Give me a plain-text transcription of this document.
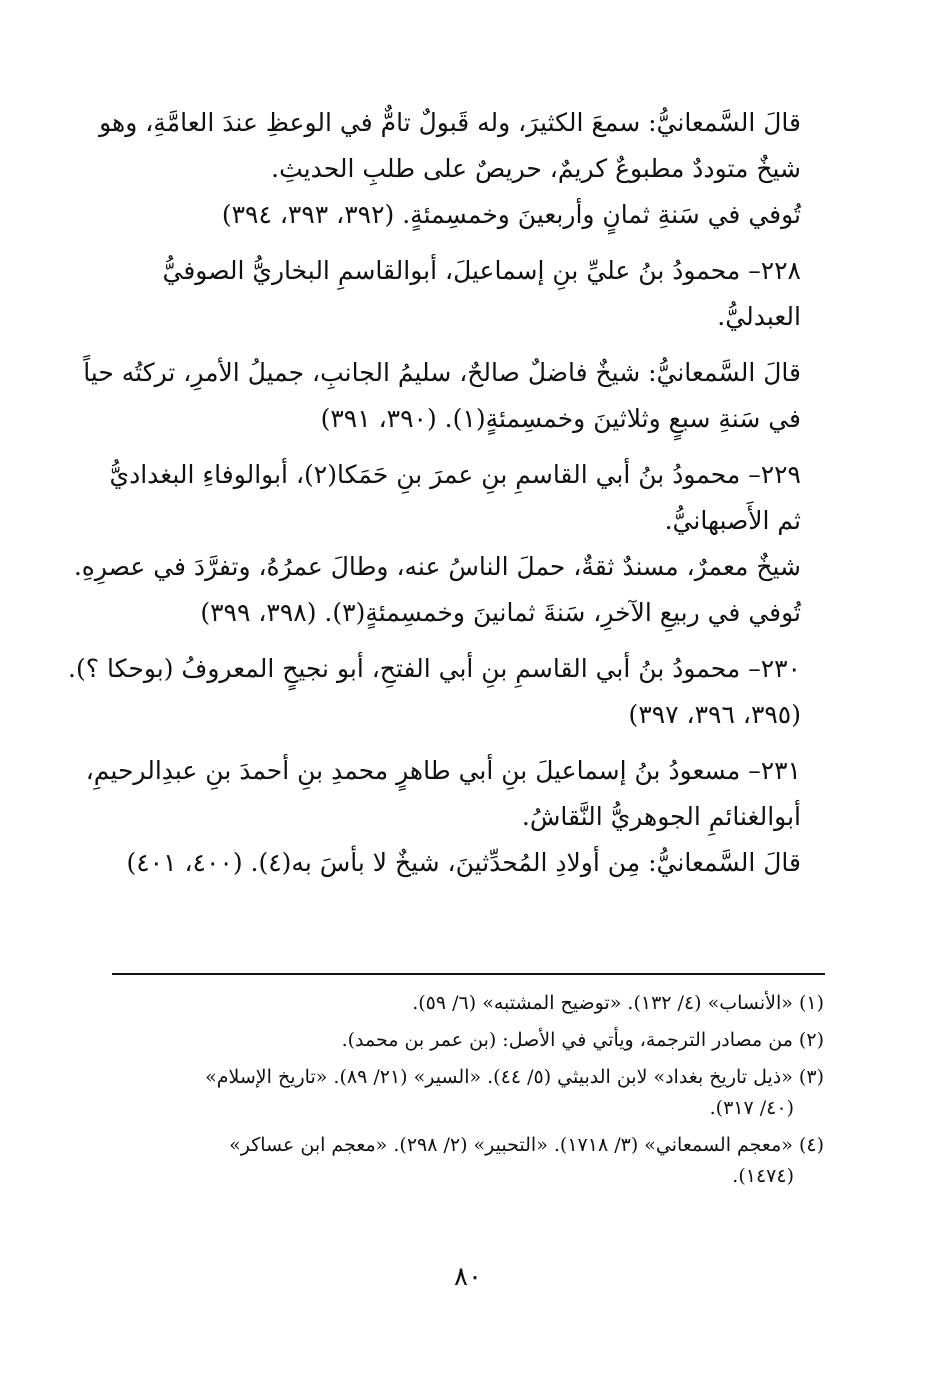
قالَ السَّمعانيُّ: سمعَ الكثيرَ، وله قَبولٌ تامٌّ في الوعظِ عندَ العامَّةِ، وهو
شيخٌ متوددٌ مطبوعٌ كريمٌ، حريصٌ على طلبِ الحديثِ.

تُوفي في سَنةِ ثمانٍ وأربعينَ وخمسِمئةٍ. (٣٩٢، ٣٩٣، ٣٩٤)

٢٢٨– محمودُ بنُ عليِّ بنِ إسماعيلَ، أبوالقاسمِ البخاريُّ الصوفيُّ
العبدليُّ.

قالَ السَّمعانيُّ: شيخٌ فاضلٌ صالحٌ، سليمُ الجانبِ، جميلُ الأمرِ، تركتُه حياً
في سَنةِ سبعٍ وثلاثينَ وخمسِمئةٍ(١). (٣٩٠، ٣٩١)

٢٢٩– محمودُ بنُ أبي القاسمِ بنِ عمرَ بنِ حَمَكا(٢)، أبوالوفاءِ البغداديُّ
ثم الأَصبهانيُّ.

شيخٌ معمرٌ، مسندٌ ثقةٌ، حملَ الناسُ عنه، وطالَ عمرُهُ، وتفرَّدَ في عصرِهِ.

تُوفي في ربيعِ الآخرِ، سَنةَ ثمانينَ وخمسِمئةٍ(٣). (٣٩٨، ٣٩٩)

٢٣٠– محمودُ بنُ أبي القاسمِ بنِ أبي الفتحِ، أبو نجيحٍ المعروفُ (بوحكا ؟).
(٣٩٥، ٣٩٦، ٣٩٧)

٢٣١– مسعودُ بنُ إسماعيلَ بنِ أبي طاهرٍ محمدِ بنِ أحمدَ بنِ عبدِالرحيمِ،
أبوالغنائمِ الجوهريُّ النَّقاشُ.

قالَ السَّمعانيُّ: مِن أولادِ المُحدِّثينَ، شيخٌ لا بأسَ به(٤). (٤٠٠، ٤٠١)

(١) «الأنساب» (٤/ ١٣٢). «توضيح المشتبه» (٦/ ٥٩).

(٢) من مصادر الترجمة، ويأتي في الأصل: (بن عمر بن محمد).

(٣) «ذيل تاريخ بغداد» لابن الدبيثي (٥/ ٤٤). «السير» (٢١/ ٨٩). «تاريخ الإسلام»
(٤٠/ ٣١٧).

(٤) «معجم السمعاني» (٣/ ١٧١٨). «التحبير» (٢/ ٢٩٨). «معجم ابن عساكر»
(١٤٧٤).

٨٠
